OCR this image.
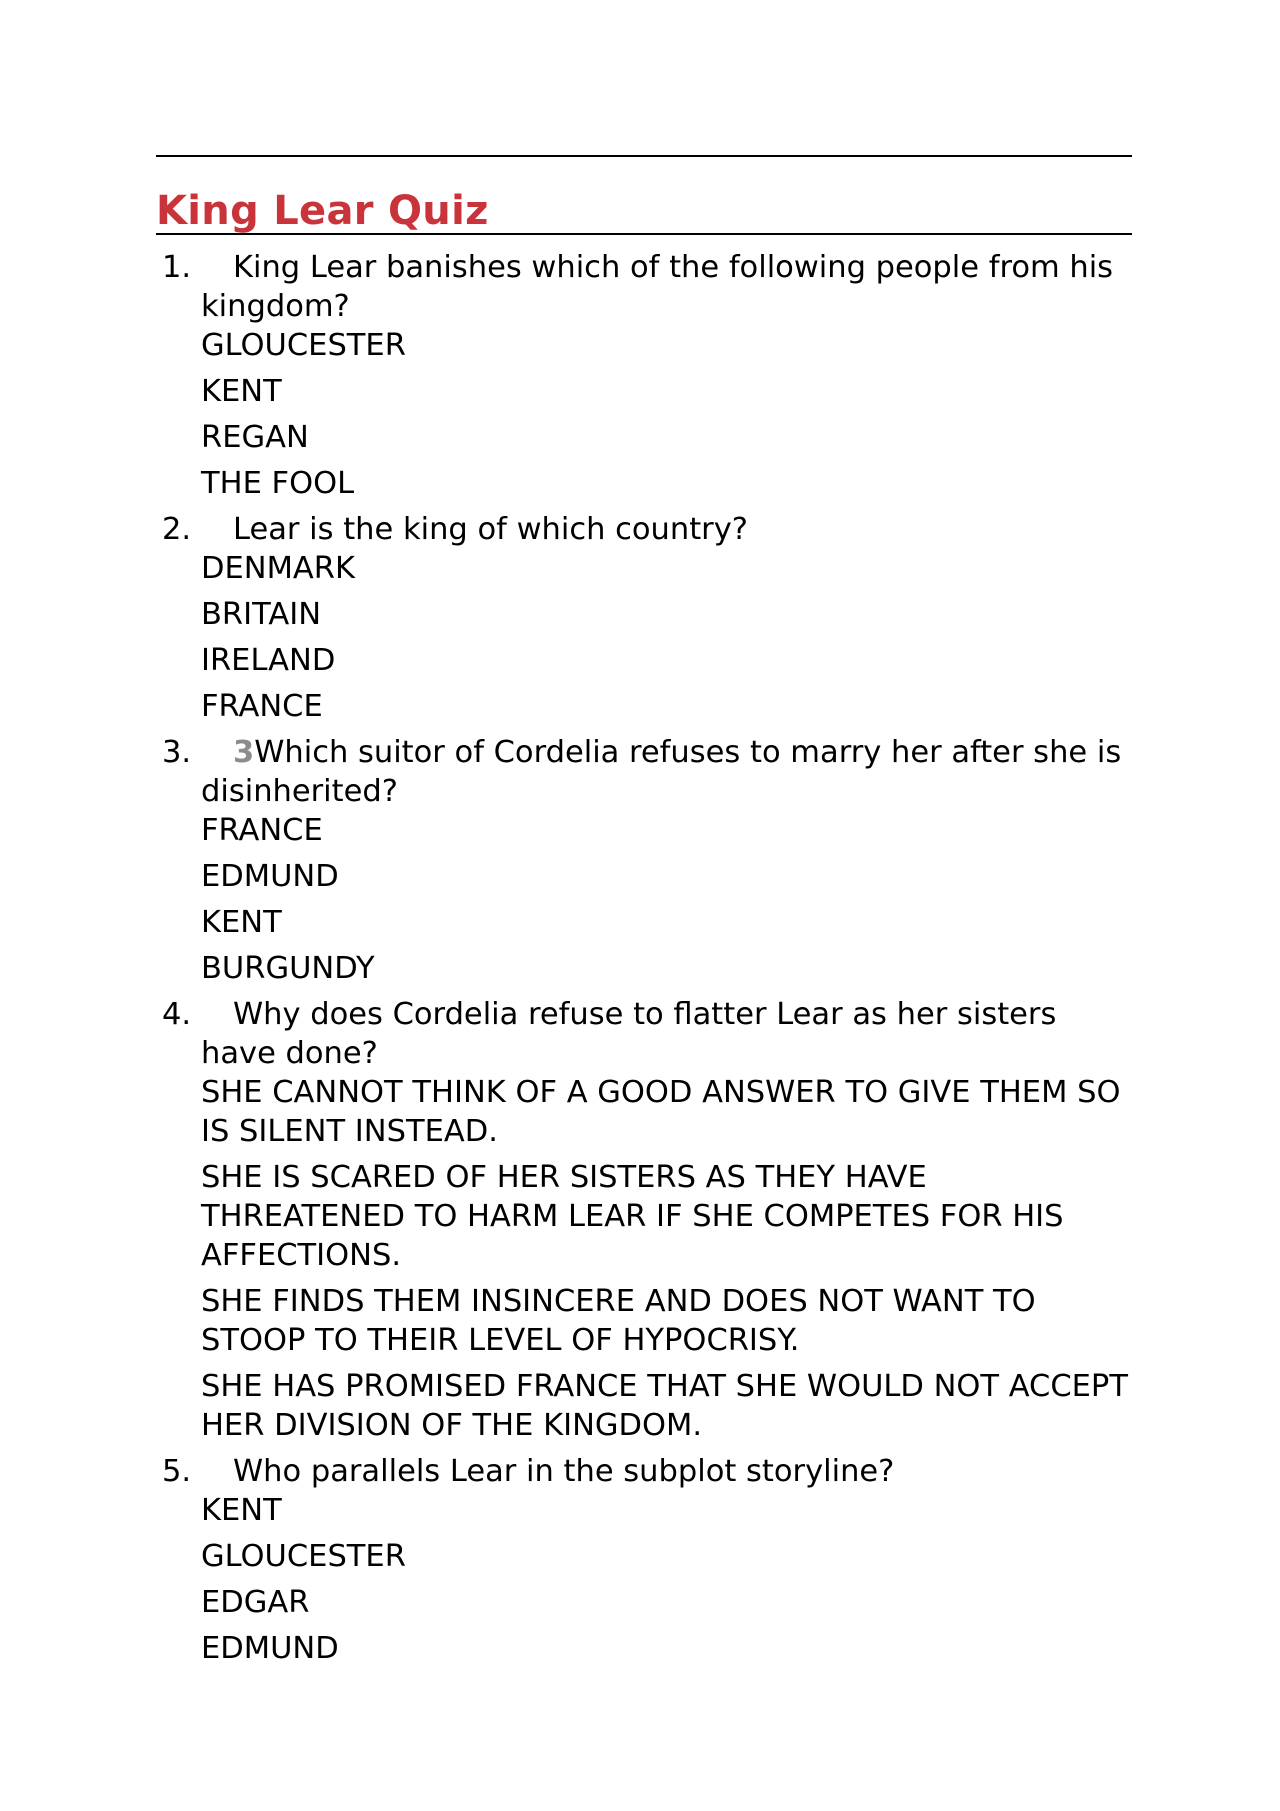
King Lear Quiz
1.	King Lear banishes which of the following people from his kingdom?
GLOUCESTER
KENT
REGAN
THE FOOL
2.	Lear is the king of which country?
DENMARK
BRITAIN
IRELAND
FRANCE
3.	3Which suitor of Cordelia refuses to marry her after she is disinherited?
FRANCE
EDMUND
KENT
BURGUNDY
4.	Why does Cordelia refuse to flatter Lear as her sisters have done?
SHE CANNOT THINK OF A GOOD ANSWER TO GIVE THEM SO IS SILENT INSTEAD.
SHE IS SCARED OF HER SISTERS AS THEY HAVE THREATENED TO HARM LEAR IF SHE COMPETES FOR HIS AFFECTIONS.
SHE FINDS THEM INSINCERE AND DOES NOT WANT TO STOOP TO THEIR LEVEL OF HYPOCRISY.
SHE HAS PROMISED FRANCE THAT SHE WOULD NOT ACCEPT HER DIVISION OF THE KINGDOM.
5.	Who parallels Lear in the subplot storyline?
KENT
GLOUCESTER
EDGAR
EDMUND
